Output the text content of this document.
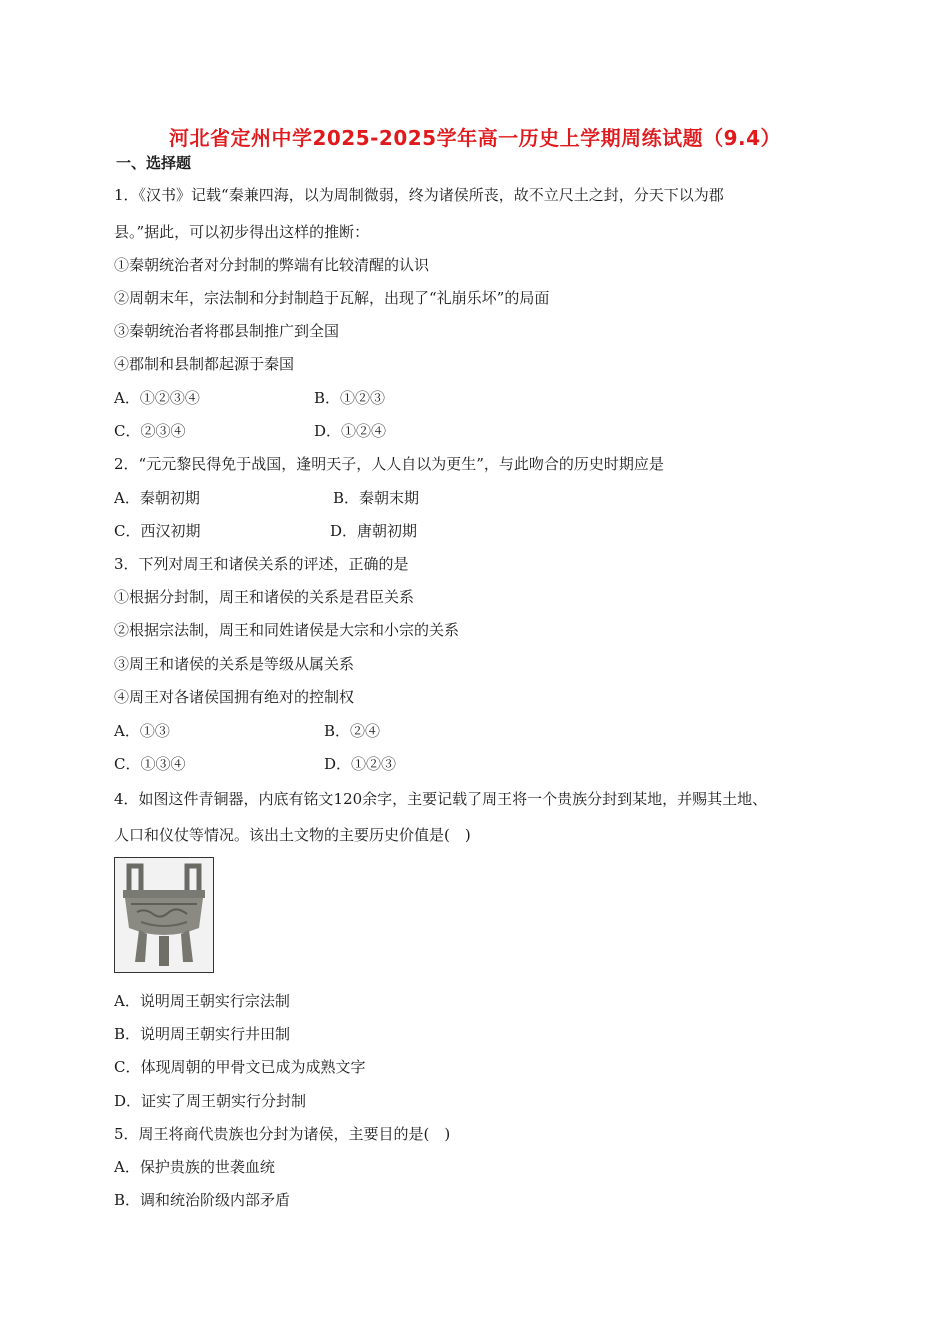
河北省定州中学2025-2025学年高一历史上学期周练试题（9.4）
一、选择题
1．《汉书》记载“秦兼四海，以为周制微弱，终为诸侯所丧，故不立尺土之封，分天下以为郡
县。”据此，可以初步得出这样的推断：
①秦朝统治者对分封制的弊端有比较清醒的认识
②周朝末年，宗法制和分封制趋于瓦解，出现了“礼崩乐坏”的局面
③秦朝统治者将郡县制推广到全国
④郡制和县制都起源于秦国
A．①②③④	B．①②③
C．②③④	D．①②④
2．“元元黎民得免于战国，逢明天子，人人自以为更生”，与此吻合的历史时期应是
A．秦朝初期	B．秦朝末期
C．西汉初期	D．唐朝初期
3．下列对周王和诸侯关系的评述，正确的是
①根据分封制，周王和诸侯的关系是君臣关系
②根据宗法制，周王和同姓诸侯是大宗和小宗的关系
③周王和诸侯的关系是等级从属关系
④周王对各诸侯国拥有绝对的控制权
A．①③	B．②④
C．①③④	D．①②③
4．如图这件青铜器，内底有铭文120余字，主要记载了周王将一个贵族分封到某地，并赐其土地、
人口和仪仗等情况。该出土文物的主要历史价值是(　)
A．说明周王朝实行宗法制
B．说明周王朝实行井田制
C．体现周朝的甲骨文已成为成熟文字
D．证实了周王朝实行分封制
5．周王将商代贵族也分封为诸侯，主要目的是(　)
A．保护贵族的世袭血统
B．调和统治阶级内部矛盾
